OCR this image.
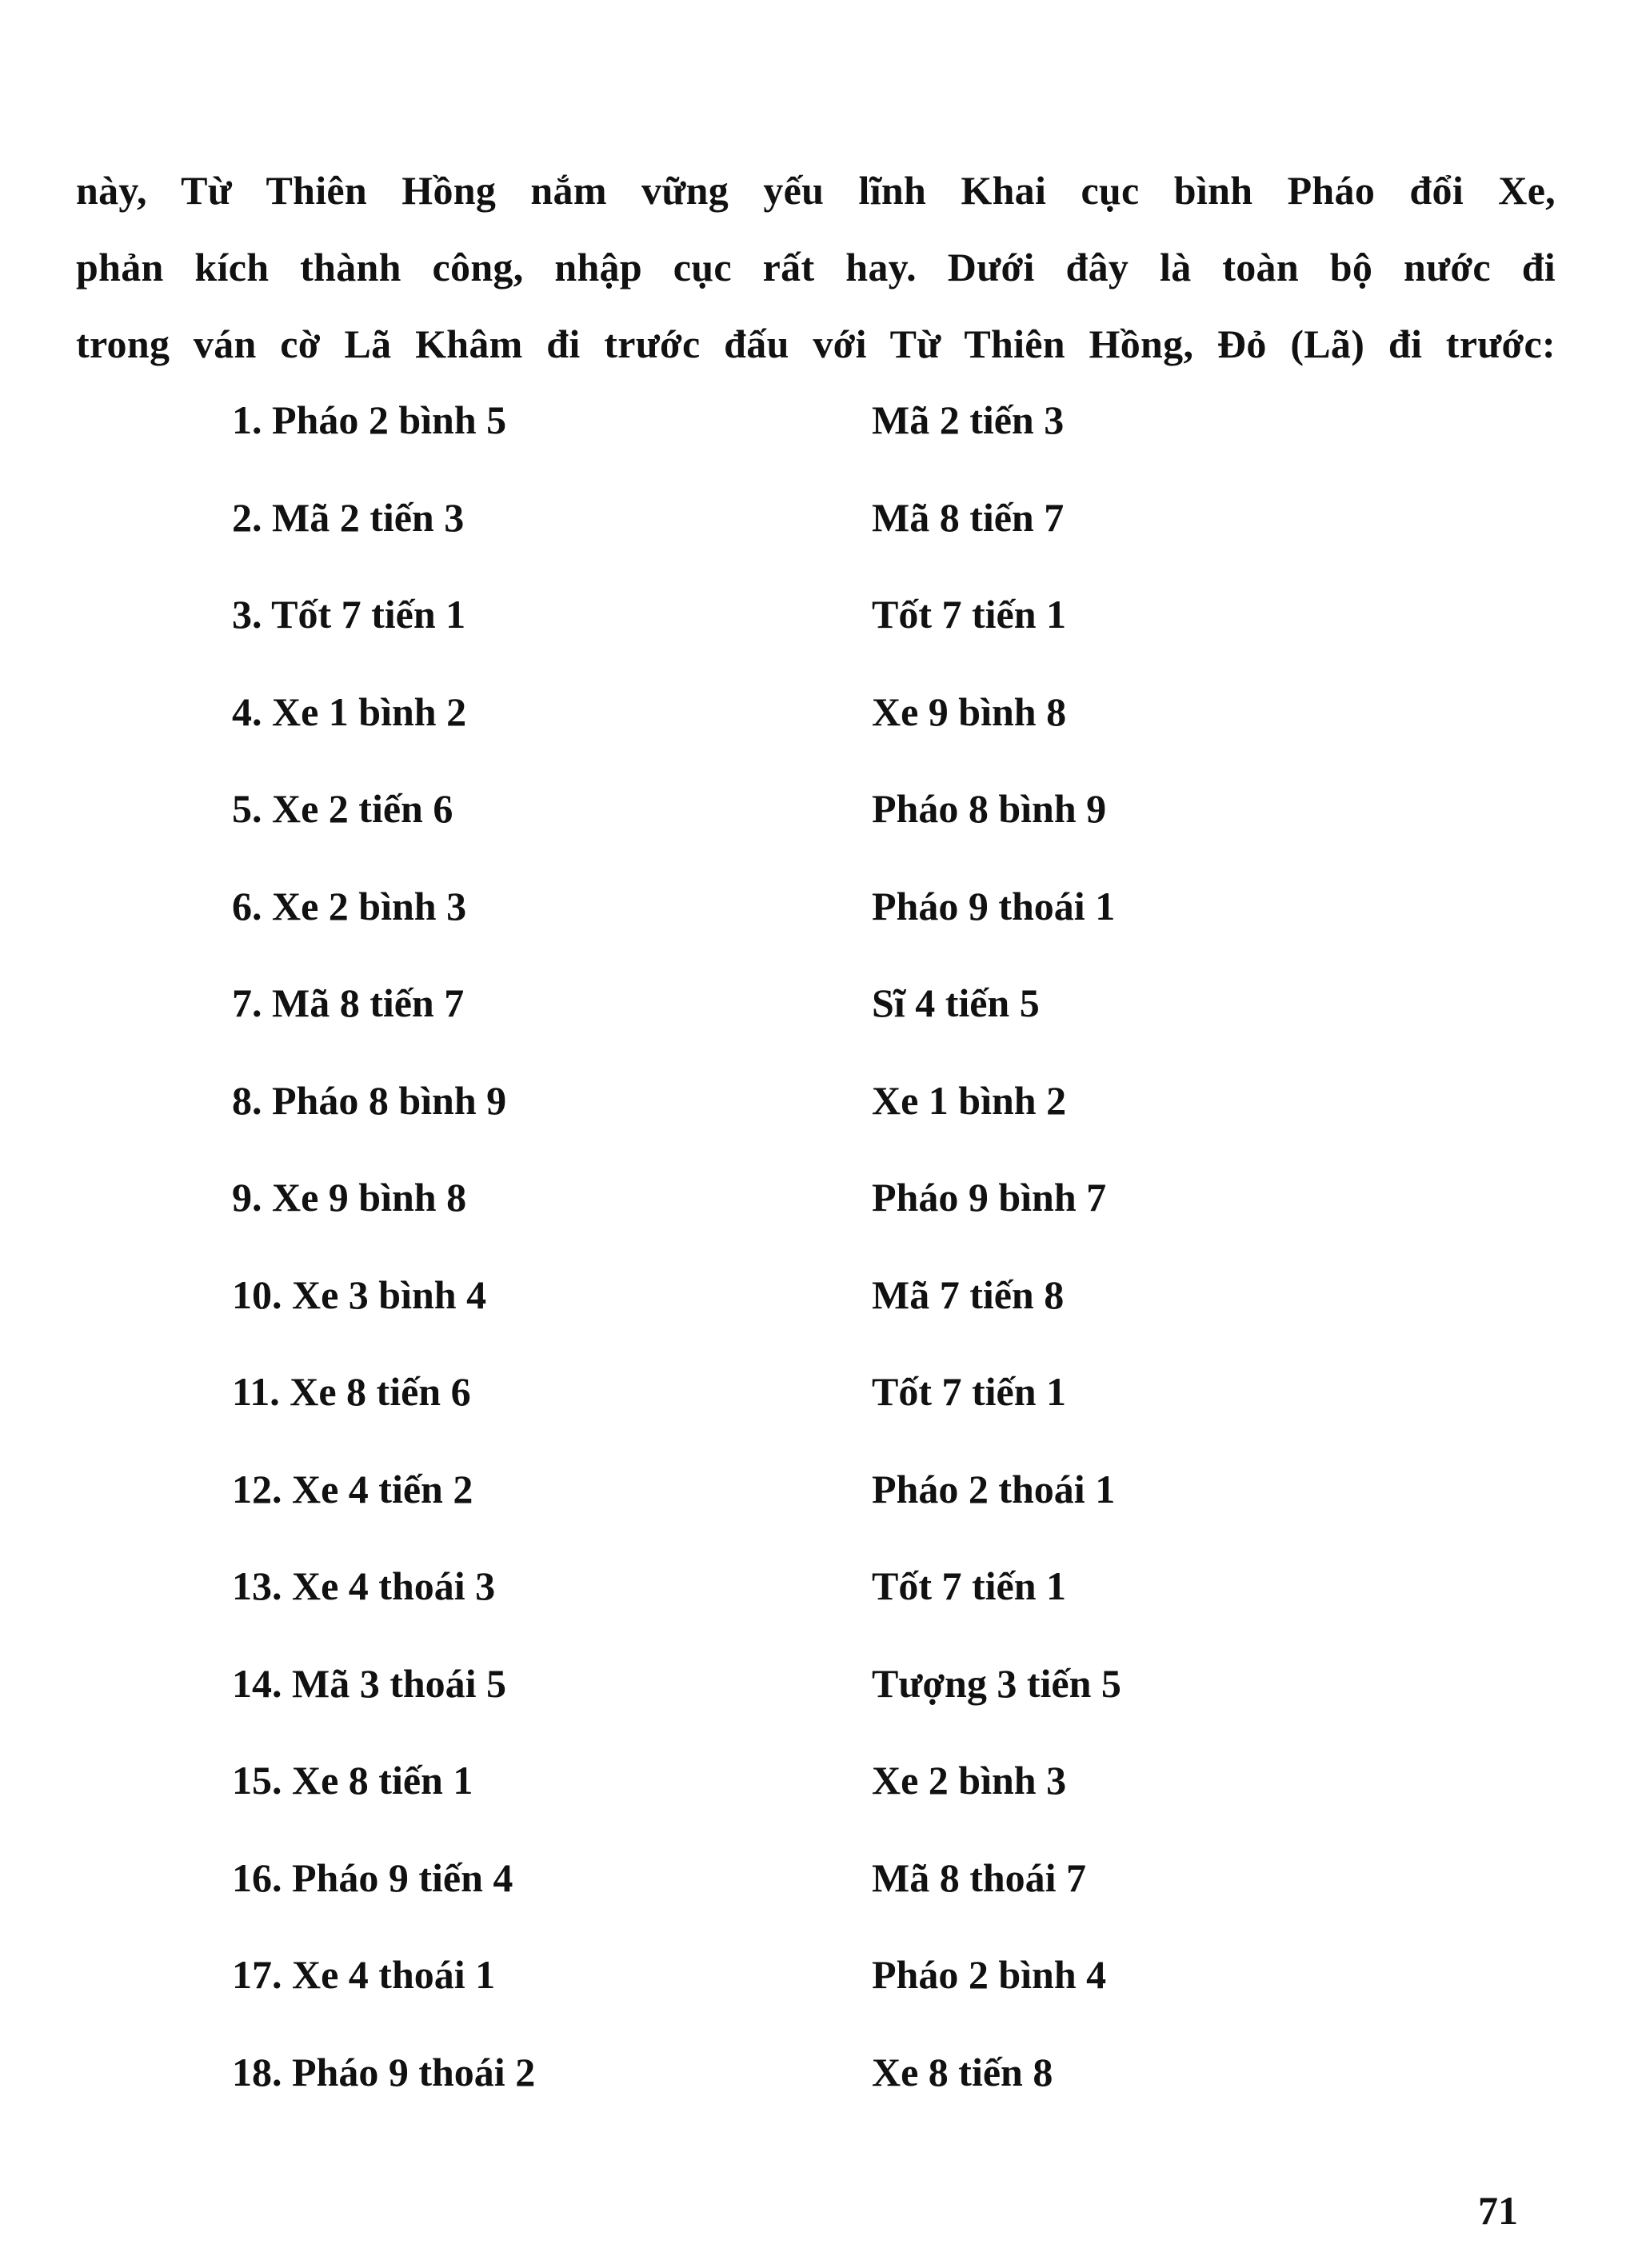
này, Từ Thiên Hồng nắm vững yếu lĩnh Khai cục bình Pháo đổi Xe,
phản kích thành công, nhập cục rất hay. Dưới đây là toàn bộ nước đi
trong ván cờ Lã Khâm đi trước đấu với Từ Thiên Hồng, Đỏ (Lã) đi trước:
1. Pháo 2 bình 5	Mã 2 tiến 3
2. Mã 2 tiến 3	Mã 8 tiến 7
3. Tốt 7 tiến 1	Tốt 7 tiến 1
4. Xe 1 bình 2	Xe 9 bình 8
5. Xe 2 tiến 6	Pháo 8 bình 9
6. Xe 2 bình 3	Pháo 9 thoái 1
7. Mã 8 tiến 7	Sĩ 4 tiến 5
8. Pháo 8 bình 9	Xe 1 bình 2
9. Xe 9 bình 8	Pháo 9 bình 7
10. Xe 3 bình 4	Mã 7 tiến 8
11. Xe 8 tiến 6	Tốt 7 tiến 1
12. Xe 4 tiến 2	Pháo 2 thoái 1
13. Xe 4 thoái 3	Tốt 7 tiến 1
14. Mã 3 thoái 5	Tượng 3 tiến 5
15. Xe 8 tiến 1	Xe 2 bình 3
16. Pháo 9 tiến 4	Mã 8 thoái 7
17. Xe 4 thoái 1	Pháo 2 bình 4
18. Pháo 9 thoái 2	Xe 8 tiến 8
71
